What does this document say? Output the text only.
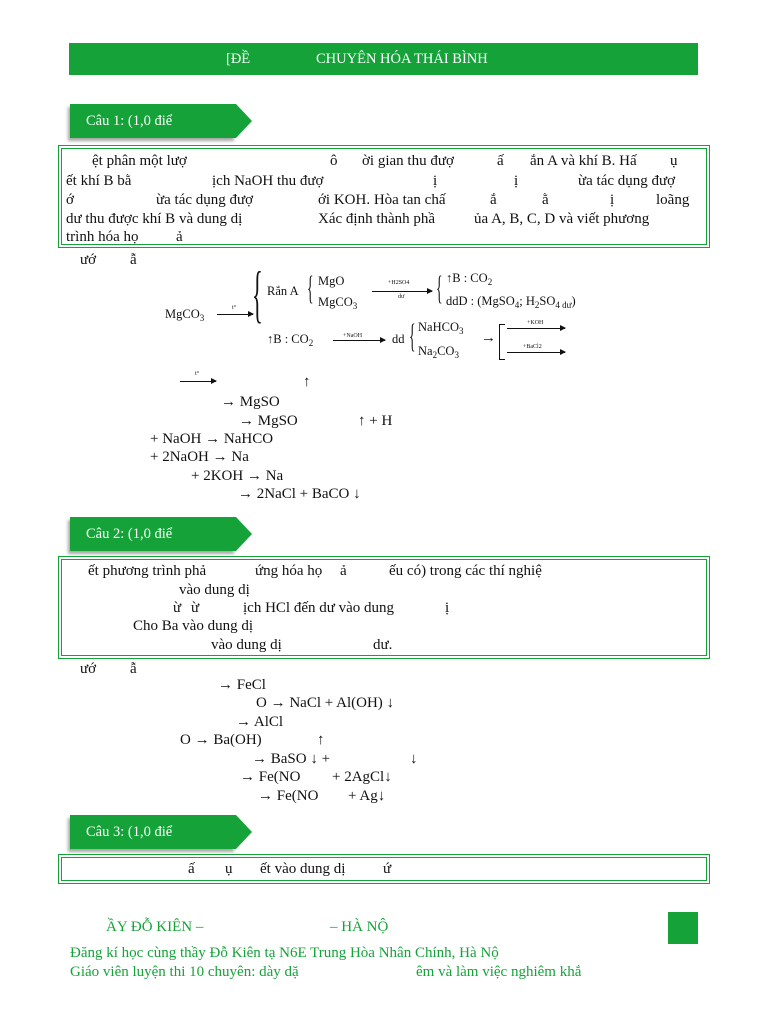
[ĐỀ	CHUYÊN HÓA THÁI BÌNH
Câu 1: (1,0 điể
ệt phân một lượ	ô ời gian thu đượ	ấ ắn A và khí B. Hấ ụ
ết khí B bằ	ịch NaOH thu đượ	ị	ị	ừa tác dụng đượ
ớ	ừa tác dụng đượ	ới KOH. Hòa tan chấ	ắ	ằ	ị	loãng
dư thu được khí B và dung dị	Xác định thành phầ	ủa A, B, C, D và viết phương
trình hóa họ	ả
ướ ẫ
MgCO$_3$
t° { Rắn A { MgO
MgCO$_3$
+H2SO4
dư { ↑B : $CO_2$
ddD : (MgSO$_4$; $H_2SO_{4 dư}$)
↑B : $CO_2$
+NaOH dd { NaHCO$_3$
$Na_2CO_3$
→
+KOH
+BaCl2
t°	↑
→ MgSO
→ MgSO	↑ + H
+ NaOH → NaHCO
+ 2NaOH → Na
+ 2KOH → Na
→ 2NaCl + BaCO ↓
Câu 2: (1,0 điể
ết phương trình phả	ứng hóa họ ả	ếu có) trong các thí nghiệ
vào dung dị
ừ ừ	ịch HCl đến dư vào dung	ị
Cho Ba vào dung dị
vào dung dị	dư.
ướ ẫ
→ FeCl
O → NaCl + Al(OH) ↓
→ AlCl
O → Ba(OH)	↑
→ BaSO ↓ +	↓
→ Fe(NO + 2AgCl↓
→ Fe(NO + Ag↓
Câu 3: (1,0 điể
ấ ụ ết vào dung dị	ứ
ẦY ĐỖ KIÊN –	– HÀ NỘ
Đăng kí học cùng thầy Đỗ Kiên tạ N6E Trung Hòa Nhân Chính, Hà Nộ
Giáo viên luyện thi 10 chuyên: dày dặ	êm và làm việc nghiêm khắ
